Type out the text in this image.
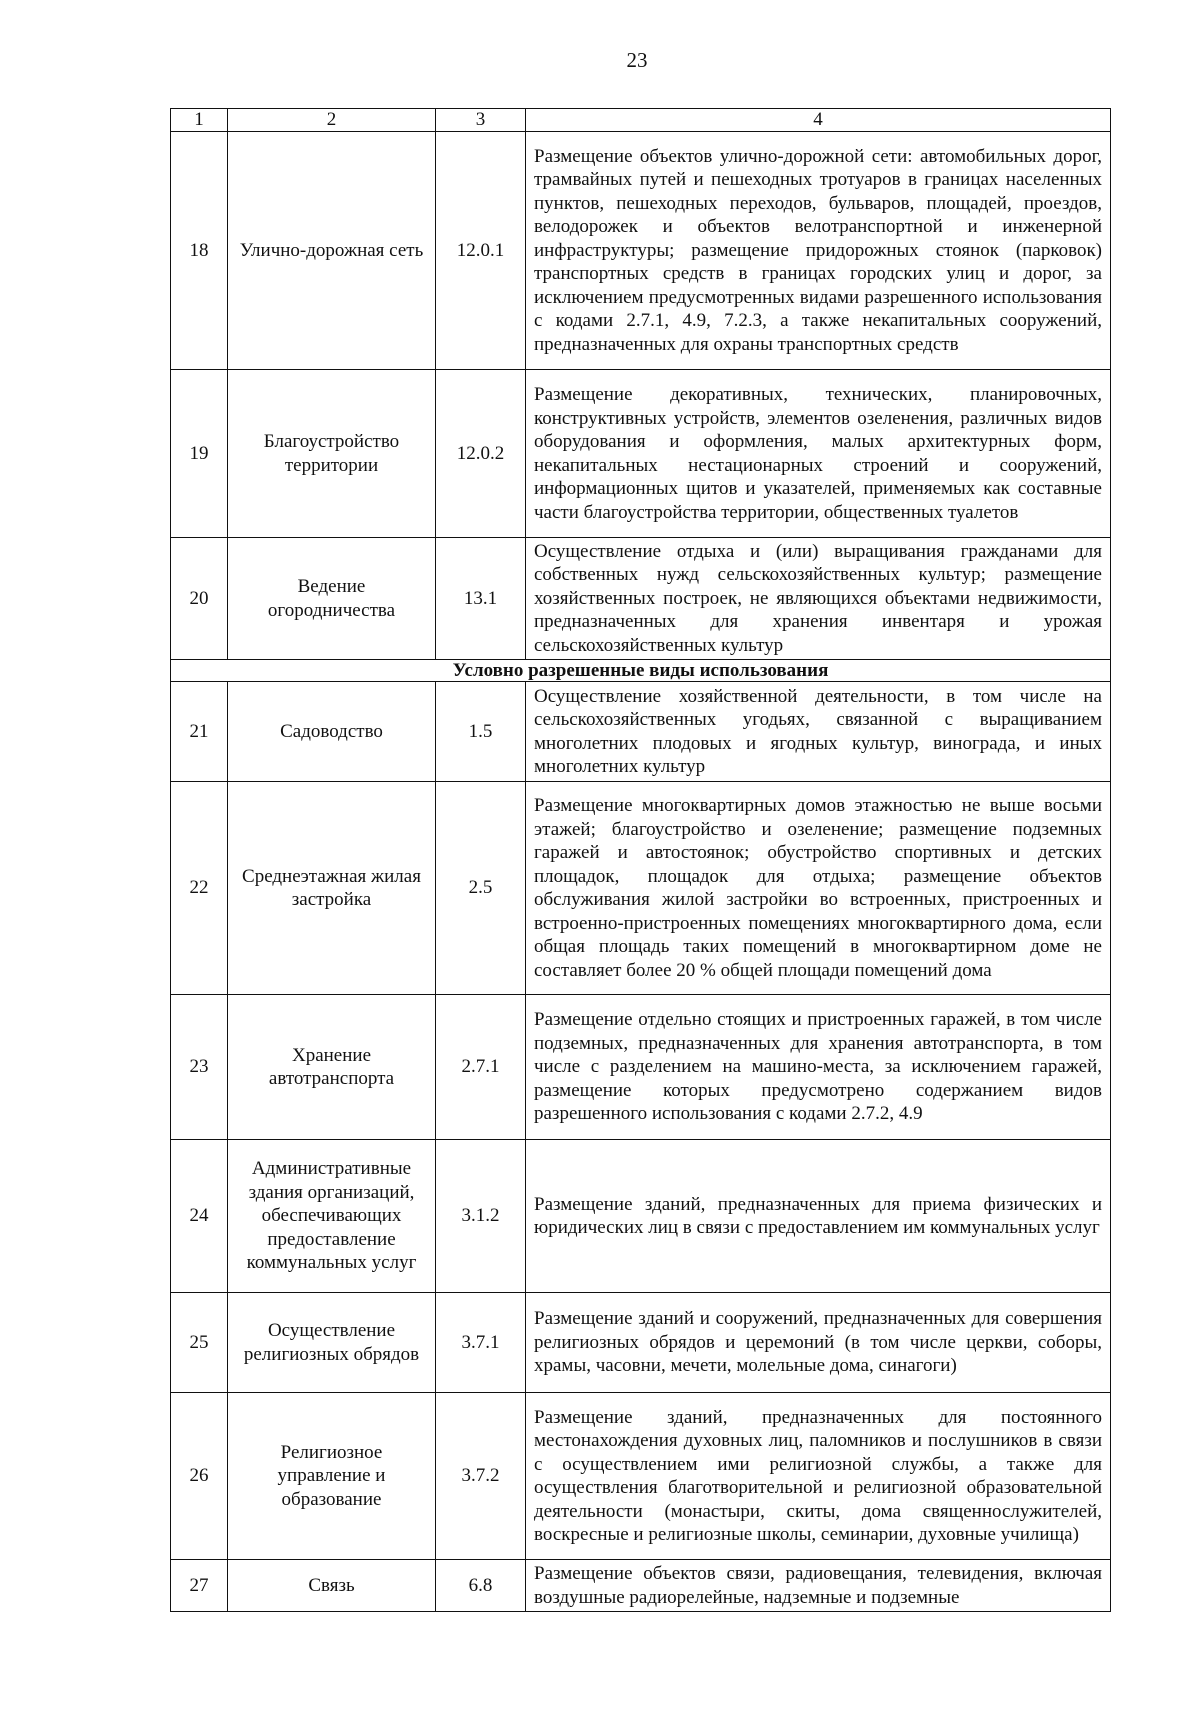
23
1	2	3	4
18	Улично-дорожная сеть	12.0.1	Размещение объектов улично-дорожной сети: автомобильных дорог, трамвайных путей и пешеходных тротуаров в границах населенных пунктов, пешеходных переходов, бульваров, площадей, проездов, велодорожек и объектов велотранспортной и инженерной инфраструктуры; размещение придорожных стоянок (парковок) транспортных средств в границах городских улиц и дорог, за исключением предусмотренных видами разрешенного использования с кодами 2.7.1, 4.9, 7.2.3, а также некапитальных сооружений, предназначенных для охраны транспортных средств
19	Благоустройство территории	12.0.2	Размещение декоративных, технических, планировочных, конструктивных устройств, элементов озеленения, различных видов оборудования и оформления, малых архитектурных форм, некапитальных нестационарных строений и сооружений, информационных щитов и указателей, применяемых как составные части благоустройства территории, общественных туалетов
20	Ведение огородничества	13.1	Осуществление отдыха и (или) выращивания гражданами для собственных нужд сельскохозяйственных культур; размещение хозяйственных построек, не являющихся объектами недвижимости, предназначенных для хранения инвентаря и урожая сельскохозяйственных культур
Условно разрешенные виды использования			
21	Садоводство	1.5	Осуществление хозяйственной деятельности, в том числе на сельскохозяйственных угодьях, связанной с выращиванием многолетних плодовых и ягодных культур, винограда, и иных многолетних культур
22	Среднеэтажная жилая застройка	2.5	Размещение многоквартирных домов этажностью не выше восьми этажей; благоустройство и озеленение; размещение подземных гаражей и автостоянок; обустройство спортивных и детских площадок, площадок для отдыха; размещение объектов обслуживания жилой застройки во встроенных, пристроенных и встроенно-пристроенных помещениях многоквартирного дома, если общая площадь таких помещений в многоквартирном доме не составляет более 20 % общей площади помещений дома
23	Хранение автотранспорта	2.7.1	Размещение отдельно стоящих и пристроенных гаражей, в том числе подземных, предназначенных для хранения автотранспорта, в том числе с разделением на машино-места, за исключением гаражей, размещение которых предусмотрено содержанием видов разрешенного использования с кодами 2.7.2, 4.9
24	Административные здания организаций, обеспечивающих предоставление коммунальных услуг	3.1.2	Размещение зданий, предназначенных для приема физических и юридических лиц в связи с предоставлением им коммунальных услуг
25	Осуществление религиозных обрядов	3.7.1	Размещение зданий и сооружений, предназначенных для совершения религиозных обрядов и церемоний (в том числе церкви, соборы, храмы, часовни, мечети, молельные дома, синагоги)
26	Религиозное управление и образование	3.7.2	Размещение зданий, предназначенных для постоянного местонахождения духовных лиц, паломников и послушников в связи с осуществлением ими религиозной службы, а также для осуществления благотворительной и религиозной образовательной деятельности (монастыри, скиты, дома священнослужителей, воскресные и религиозные школы, семинарии, духовные училища)
27	Связь	6.8	Размещение объектов связи, радиовещания, телевидения, включая воздушные радиорелейные, надземные и подземные
